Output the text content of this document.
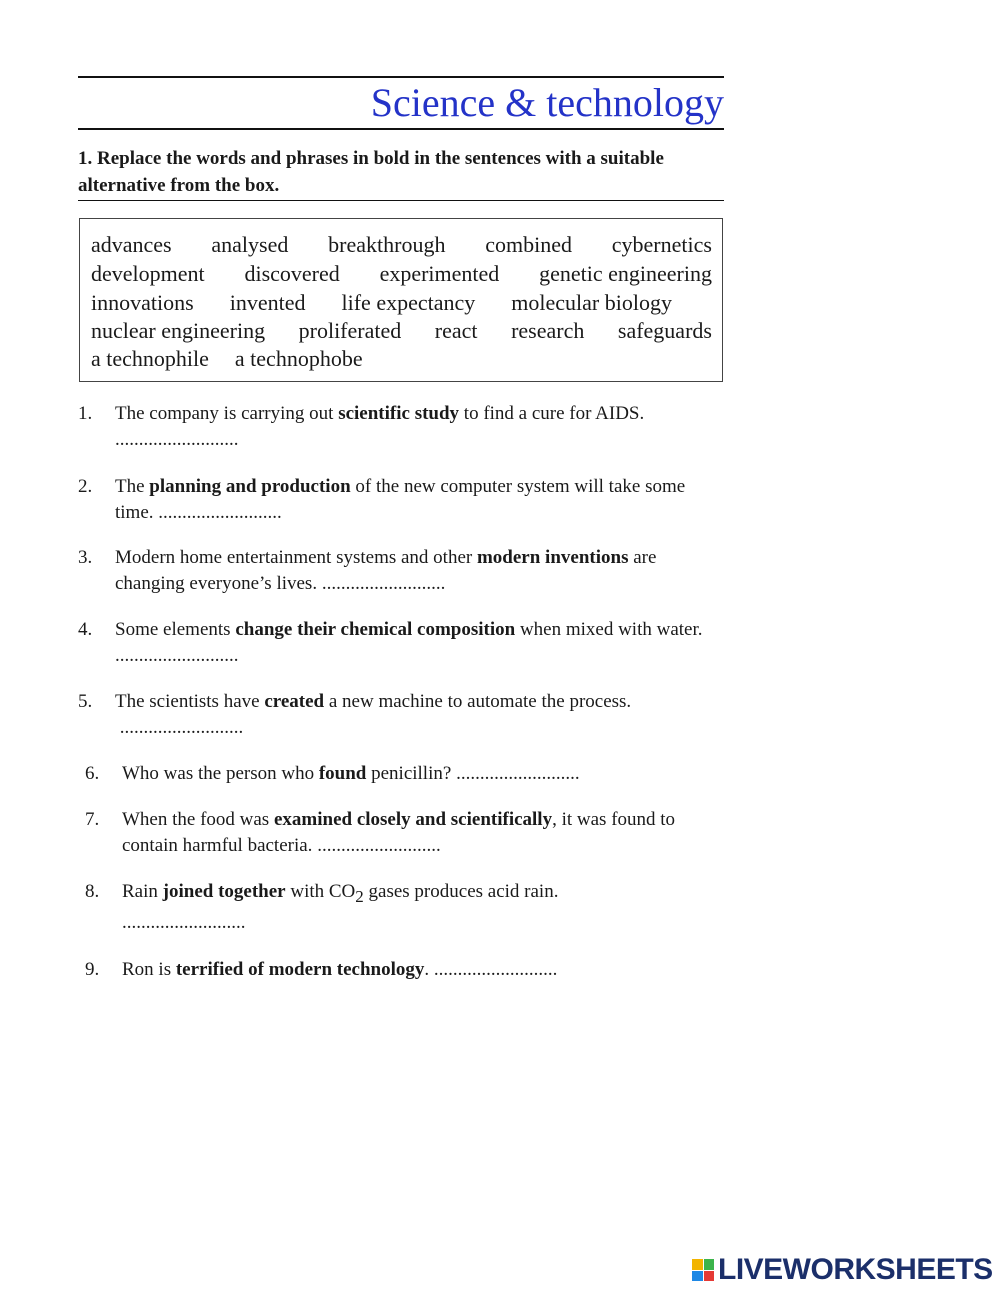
Science & technology

1. Replace the words and phrases in bold in the sentences with a suitable alternative from the box.

advances analysed breakthrough combined cybernetics
development discovered experimented genetic engineering
innovations invented life expectancy molecular biology
nuclear engineering proliferated react research safeguards
a technophile a technophobe
1. The company is carrying out scientific study to find a cure for AIDS.
..........................
2. The planning and production of the new computer system will take some time. ..........................
3. Modern home entertainment systems and other modern inventions are changing everyone’s lives. ..........................
4. Some elements change their chemical composition when mixed with water. ..........................
5. The scientists have created a new machine to automate the process.
..........................
6. Who was the person who found penicillin? ..........................
7. When the food was examined closely and scientifically, it was found to contain harmful bacteria. ..........................
8. Rain joined together with $CO_2$ gases produces acid rain.
..........................
9. Ron is terrified of modern technology. ..........................
LIVEWORKSHEETS
